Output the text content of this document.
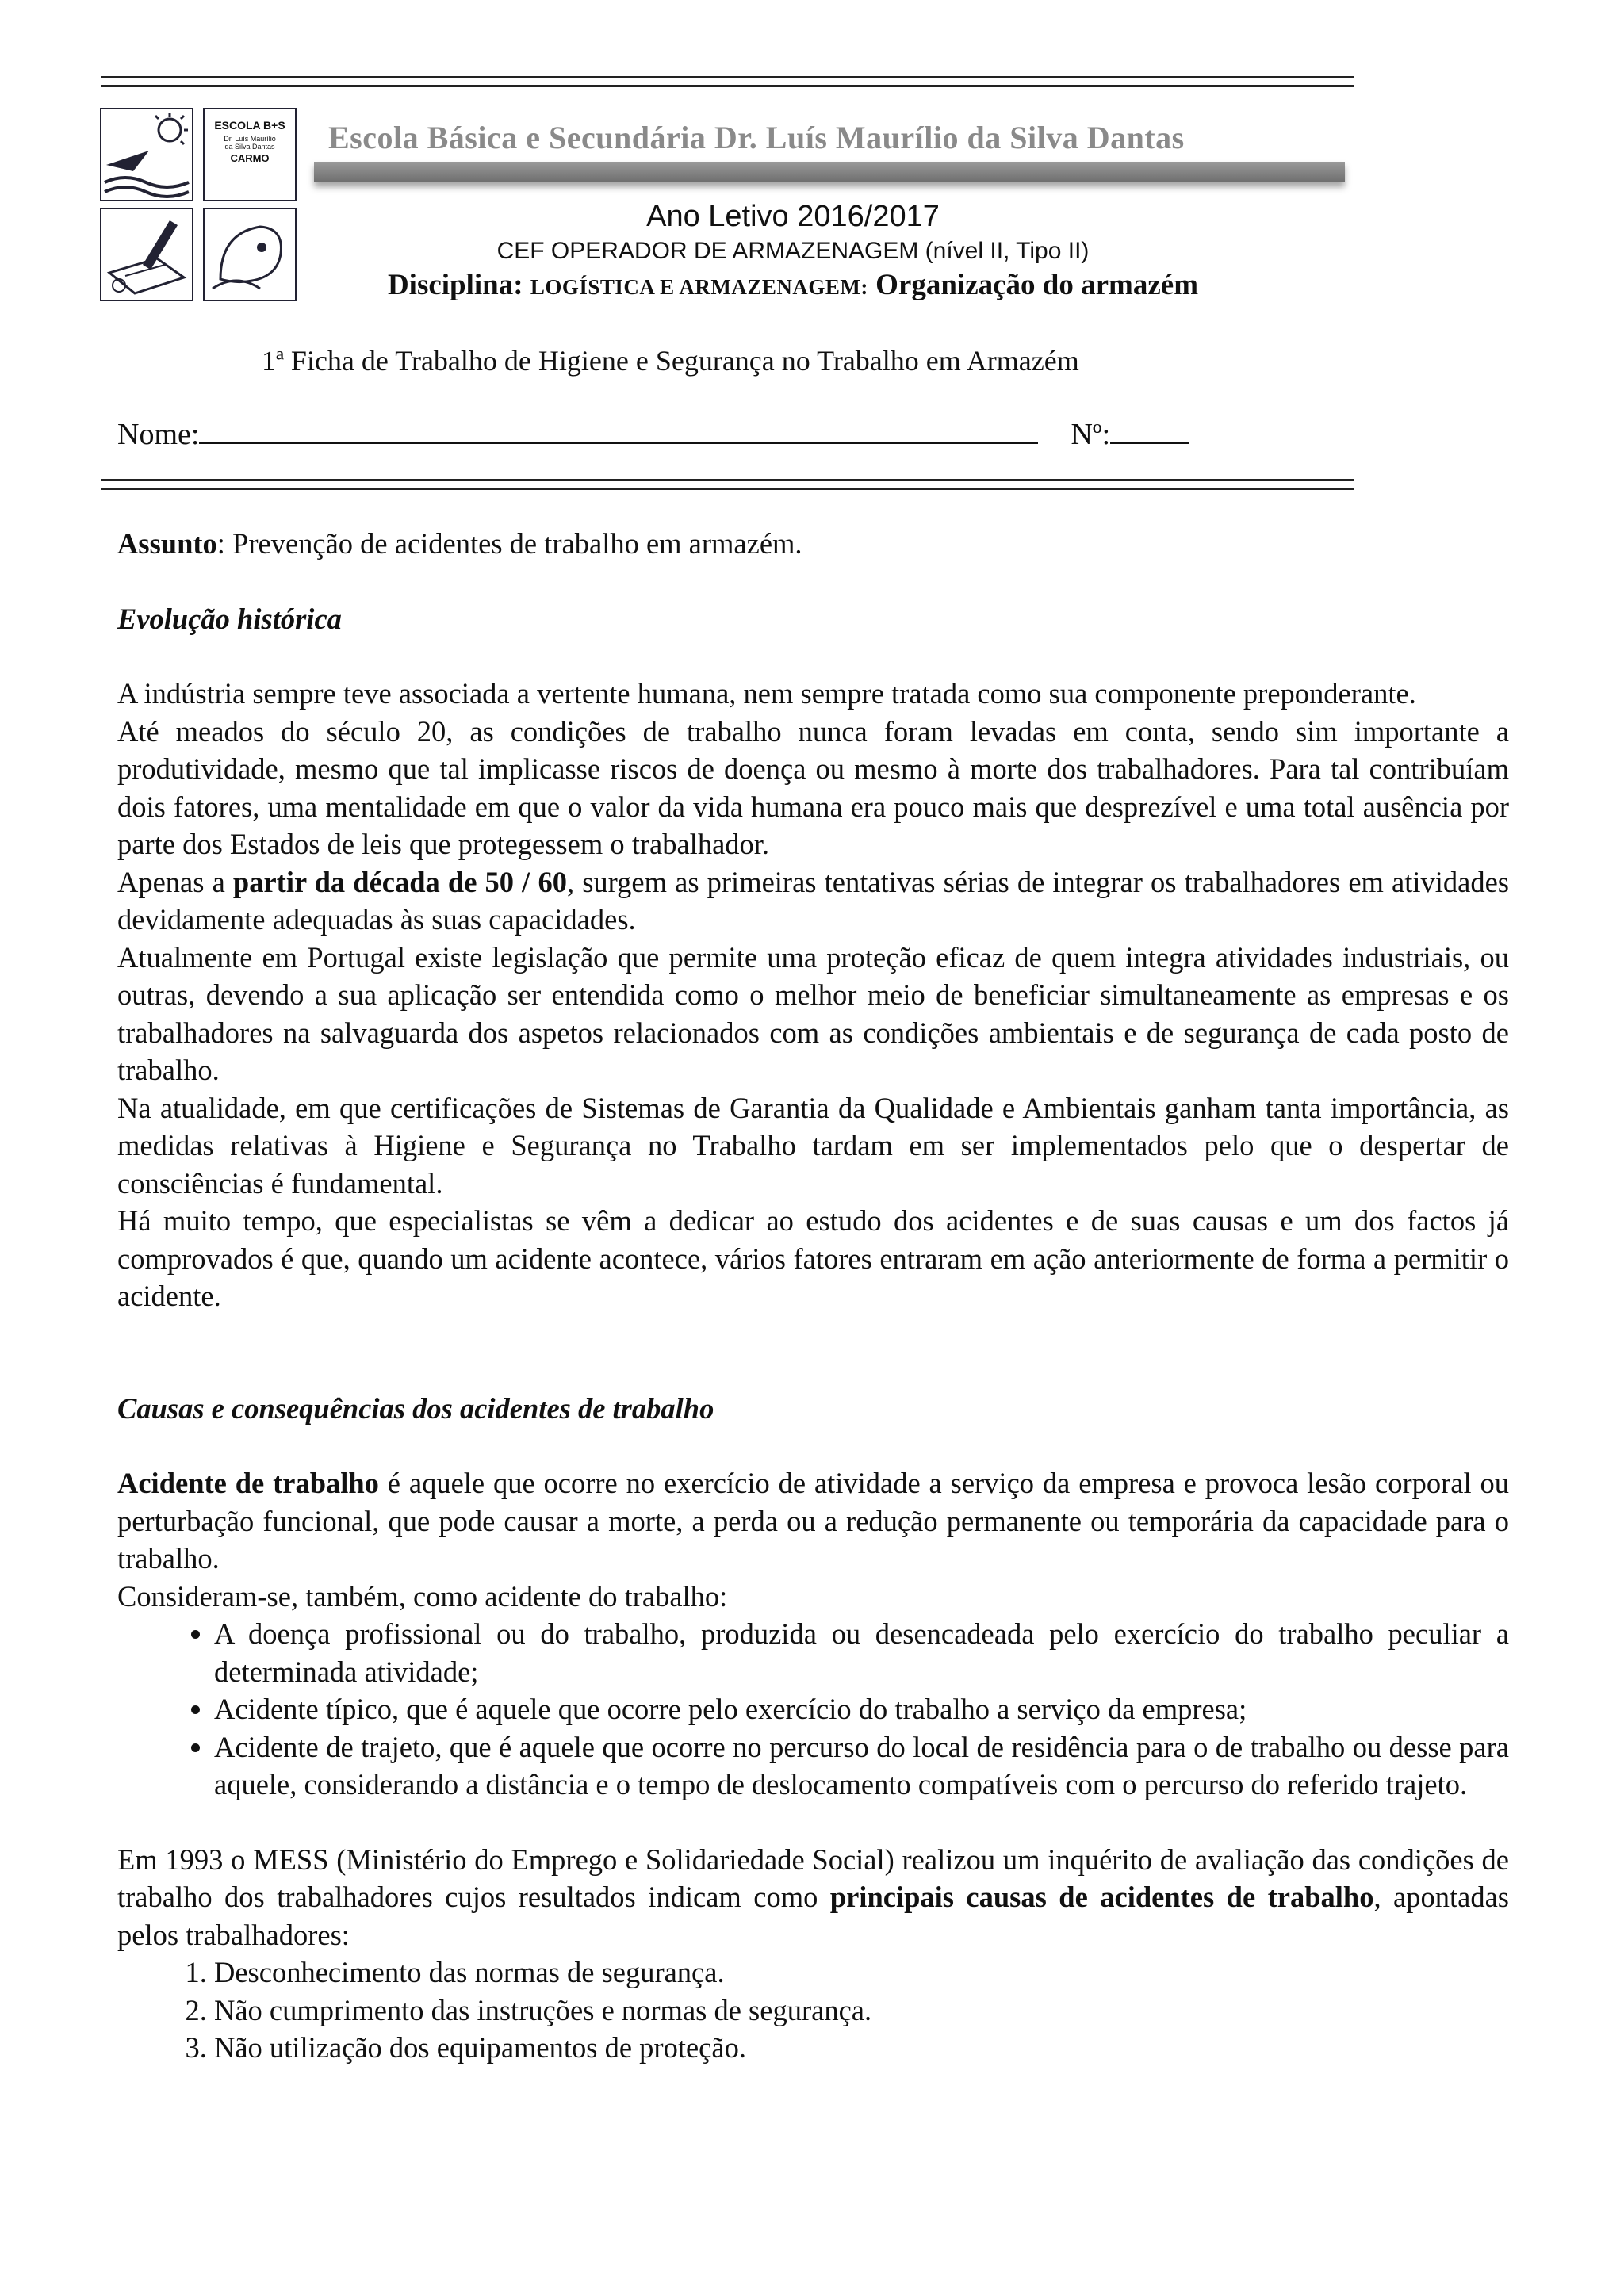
ESCOLA B+S
Dr. Luís Maurílio
da Silva Dantas
CARMO
Escola Básica e Secundária Dr. Luís Maurílio da Silva Dantas
Ano Letivo 2016/2017
CEF OPERADOR DE ARMAZENAGEM (nível II, Tipo II)
Disciplina: LOGÍSTICA E ARMAZENAGEM: Organização do armazém
1ª Ficha de Trabalho de Higiene e Segurança no Trabalho em Armazém
Nome:	Nº:

Assunto: Prevenção de acidentes de trabalho em armazém.

Evolução histórica

A indústria sempre teve associada a vertente humana, nem sempre tratada como sua componente preponderante.

Até meados do século 20, as condições de trabalho nunca foram levadas em conta, sendo sim importante a produtividade, mesmo que tal implicasse riscos de doença ou mesmo à morte dos trabalhadores. Para tal contribuíam dois fatores, uma mentalidade em que o valor da vida humana era pouco mais que desprezível e uma total ausência por parte dos Estados de leis que protegessem o trabalhador.

Apenas a partir da década de 50 / 60, surgem as primeiras tentativas sérias de integrar os trabalhadores em atividades devidamente adequadas às suas capacidades.

Atualmente em Portugal existe legislação que permite uma proteção eficaz de quem integra atividades industriais, ou outras, devendo a sua aplicação ser entendida como o melhor meio de beneficiar simultaneamente as empresas e os trabalhadores na salvaguarda dos aspetos relacionados com as condições ambientais e de segurança de cada posto de trabalho.

Na atualidade, em que certificações de Sistemas de Garantia da Qualidade e Ambientais ganham tanta importância, as medidas relativas à Higiene e Segurança no Trabalho tardam em ser implementados pelo que o despertar de consciências é fundamental.

Há muito tempo, que especialistas se vêm a dedicar ao estudo dos acidentes e de suas causas e um dos factos já comprovados é que, quando um acidente acontece, vários fatores entraram em ação anteriormente de forma a permitir o acidente.

Causas e consequências dos acidentes de trabalho

Acidente de trabalho é aquele que ocorre no exercício de atividade a serviço da empresa e provoca lesão corporal ou perturbação funcional, que pode causar a morte, a perda ou a redução permanente ou temporária da capacidade para o trabalho.

Consideram-se, também, como acidente do trabalho:

• A doença profissional ou do trabalho, produzida ou desencadeada pelo exercício do trabalho peculiar a determinada atividade;
• Acidente típico, que é aquele que ocorre pelo exercício do trabalho a serviço da empresa;
• Acidente de trajeto, que é aquele que ocorre no percurso do local de residência para o de trabalho ou desse para aquele, considerando a distância e o tempo de deslocamento compatíveis com o percurso do referido trajeto.

Em 1993 o MESS (Ministério do Emprego e Solidariedade Social) realizou um inquérito de avaliação das condições de trabalho dos trabalhadores cujos resultados indicam como principais causas de acidentes de trabalho, apontadas pelos trabalhadores:

1. Desconhecimento das normas de segurança.
2. Não cumprimento das instruções e normas de segurança.
3. Não utilização dos equipamentos de proteção.
